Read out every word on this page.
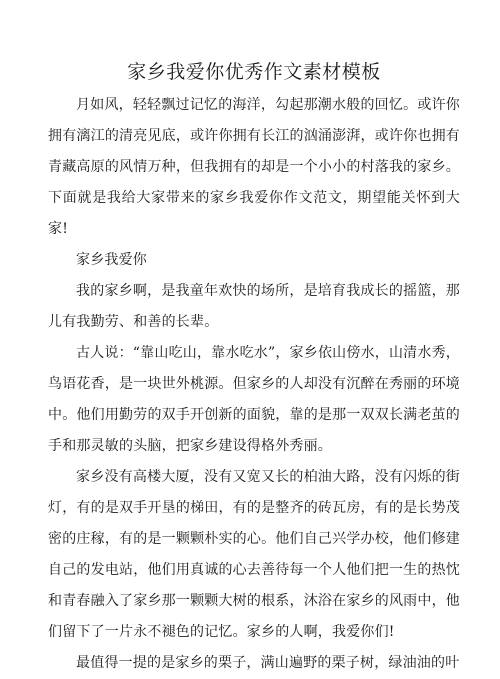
家乡我爱你优秀作文素材模板

月如风，轻轻飘过记忆的海洋，勾起那潮水般的回忆。或许你拥有漓江的清亮见底，或许你拥有长江的汹涌澎湃，或许你也拥有青藏高原的风情万种，但我拥有的却是一个小小的村落我的家乡。下面就是我给大家带来的家乡我爱你作文范文，期望能关怀到大家!

家乡我爱你

我的家乡啊，是我童年欢快的场所，是培育我成长的摇篮，那儿有我勤劳、和善的长辈。

古人说：“靠山吃山，靠水吃水”，家乡依山傍水，山清水秀，鸟语花香，是一块世外桃源。但家乡的人却没有沉醉在秀丽的环境中。他们用勤劳的双手开创新的面貌，靠的是那一双双长满老茧的手和那灵敏的头脑，把家乡建设得格外秀丽。

家乡没有高楼大厦，没有又宽又长的柏油大路，没有闪烁的街灯，有的是双手开垦的梯田，有的是整齐的砖瓦房，有的是长势茂密的庄稼，有的是一颗颗朴实的心。他们自己兴学办校，他们修建自己的发电站，他们用真诚的心去善待每一个人他们把一生的热忱和青春融入了家乡那一颗颗大树的根系，沐浴在家乡的风雨中，他们留下了一片永不褪色的记忆。家乡的人啊，我爱你们!

最值得一提的是家乡的栗子，满山遍野的栗子树，绿油油的叶
